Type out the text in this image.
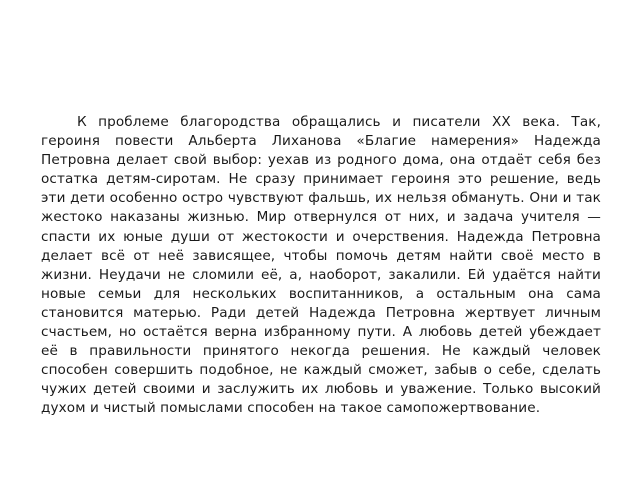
К проблеме благородства обращались и писатели XX века. Так, героиня повести Альберта Лиханова «Благие намерения» Надежда Петровна делает свой выбор: уехав из родного дома, она отдаёт себя без остатка детям-сиротам. Не сразу принимает героиня это решение, ведь эти дети особенно остро чувствуют фальшь, их нельзя обмануть. Они и так жестоко наказаны жизнью. Мир отвернулся от них, и задача учителя — спасти их юные души от жестокости и очерствения. Надежда Петровна делает всё от неё зависящее, чтобы помочь детям найти своё место в жизни. Неудачи не сломили её, а, наоборот, закалили. Ей удаётся найти новые семьи для нескольких воспитанников, а остальным она сама становится матерью. Ради детей Надежда Петровна жертвует личным счастьем, но остаётся верна избранному пути. А любовь детей убеждает её в правильности принятого некогда решения. Не каждый человек способен совершить подобное, не каждый сможет, забыв о себе, сделать чужих детей своими и заслужить их любовь и уважение. Только высокий духом и чистый помыслами способен на такое самопожертвование.
